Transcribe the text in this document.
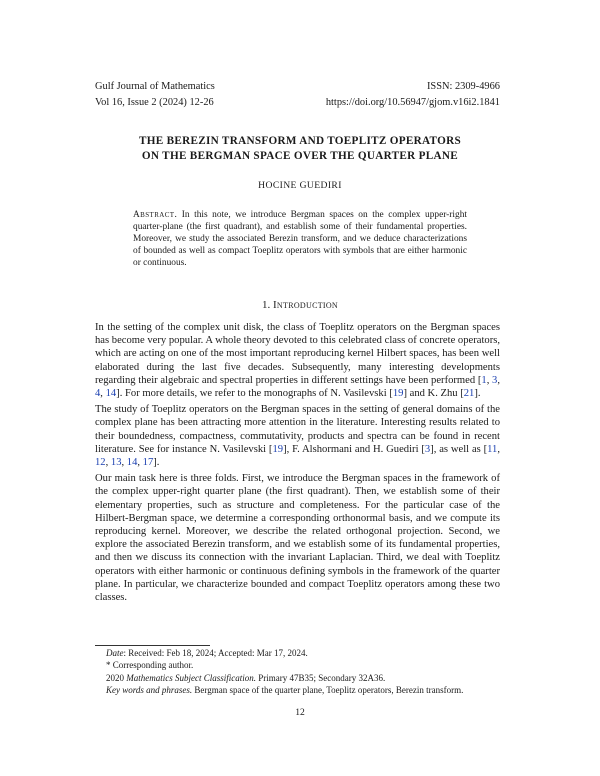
Gulf Journal of Mathematics
Vol 16, Issue 2 (2024) 12-26
ISSN: 2309-4966
https://doi.org/10.56947/gjom.v16i2.1841
THE BEREZIN TRANSFORM AND TOEPLITZ OPERATORS
ON THE BERGMAN SPACE OVER THE QUARTER PLANE
HOCINE GUEDIRI
Abstract. In this note, we introduce Bergman spaces on the complex upper-right quarter-plane (the first quadrant), and establish some of their fundamental properties. Moreover, we study the associated Berezin transform, and we deduce characterizations of bounded as well as compact Toeplitz operators with symbols that are either harmonic or continuous.
1. Introduction

In the setting of the complex unit disk, the class of Toeplitz operators on the Bergman spaces has become very popular. A whole theory devoted to this celebrated class of concrete operators, which are acting on one of the most important reproducing kernel Hilbert spaces, has been well elaborated during the last five decades. Subsequently, many interesting developments regarding their algebraic and spectral properties in different settings have been performed [1, 3, 4, 14]. For more details, we refer to the monographs of N. Vasilevski [19] and K. Zhu [21].

The study of Toeplitz operators on the Bergman spaces in the setting of general domains of the complex plane has been attracting more attention in the literature. Interesting results related to their boundedness, compactness, commutativity, products and spectra can be found in recent literature. See for instance N. Vasilevski [19], F. Alshormani and H. Guediri [3], as well as [11, 12, 13, 14, 17].

Our main task here is three folds. First, we introduce the Bergman spaces in the framework of the complex upper-right quarter plane (the first quadrant). Then, we establish some of their elementary properties, such as structure and completeness. For the particular case of the Hilbert-Bergman space, we determine a corresponding orthonormal basis, and we compute its reproducing kernel. Moreover, we describe the related orthogonal projection. Second, we explore the associated Berezin transform, and we establish some of its fundamental properties, and then we discuss its connection with the invariant Laplacian. Third, we deal with Toeplitz operators with either harmonic or continuous defining symbols in the framework of the quarter plane. In particular, we characterize bounded and compact Toeplitz operators among these two classes.

Date: Received: Feb 18, 2024; Accepted: Mar 17, 2024.
* Corresponding author.
2020 Mathematics Subject Classification. Primary 47B35; Secondary 32A36.
Key words and phrases. Bergman space of the quarter plane, Toeplitz operators, Berezin transform.
12
